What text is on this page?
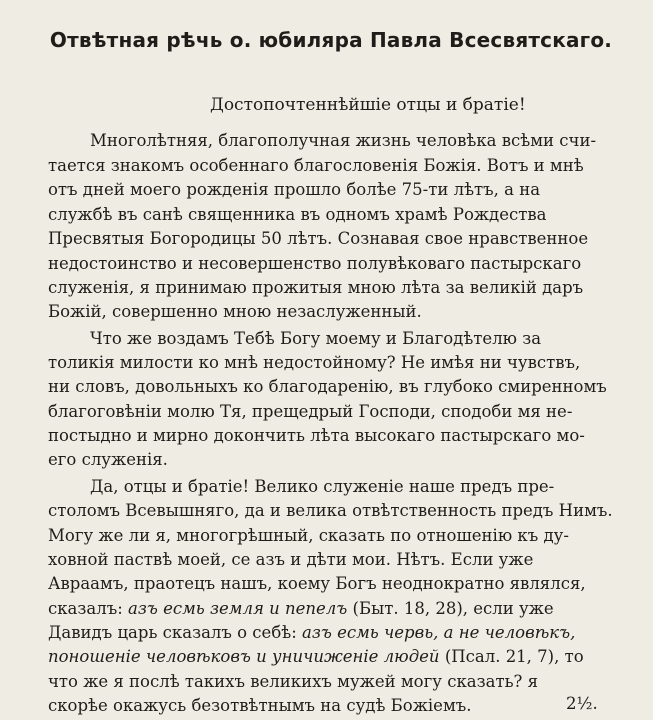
Отвѣтная рѣчь о. юбиляра Павла Всесвятскаго.
Достопочтеннѣйшіе отцы и братіе!
Многолѣтняя, благополучная жизнь человѣка всѣми счи-
тается знакомъ особеннаго благословенія Божія. Вотъ и мнѣ
отъ дней моего рожденія прошло болѣе 75-ти лѣтъ, а на
службѣ въ санѣ священника въ одномъ храмѣ Рождества
Пресвятыя Богородицы 50 лѣтъ. Сознавая свое нравственное
недостоинство и несовершенство полувѣковаго пастырскаго
служенія, я принимаю прожитыя мною лѣта за великій даръ
Божій, совершенно мною незаслуженный.
Что же воздамъ Тебѣ Богу моему и Благодѣтелю за
толикія милости ко мнѣ недостойному? Не имѣя ни чувствъ,
ни словъ, довольныхъ ко благодаренію, въ глубоко смиренномъ
благоговѣніи молю Тя, прещедрый Господи, сподоби мя не-
постыдно и мирно докончить лѣта высокаго пастырскаго мо-
его служенія.
Да, отцы и братіе! Велико служеніе наше предъ пре-
столомъ Всевышняго, да и велика отвѣтственность предъ Нимъ.
Могу же ли я, многогрѣшный, сказать по отношенію къ ду-
ховной паствѣ моей, се азъ и дѣти мои. Нѣтъ. Если уже
Авраамъ, праотецъ нашъ, коему Богъ неоднократно являлся,
сказалъ: азъ есмь земля и пепелъ (Быт. 18, 28), если уже
Давидъ царь сказалъ о себѣ: азъ есмь червь, а не человѣкъ,
поношеніе человѣковъ и уничиженіе людей (Псал. 21, 7), то
что же я послѣ такихъ великихъ мужей могу сказать? я
скорѣе окажусь безотвѣтнымъ на судѣ Божіемъ.	2½.
